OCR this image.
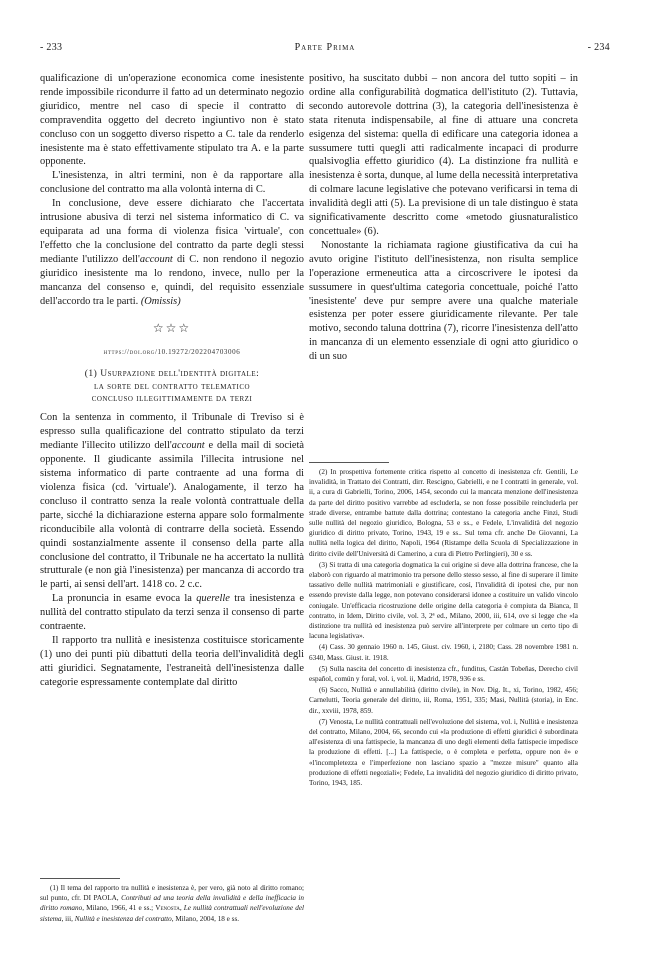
- 233	Parte Prima	- 234

qualificazione di un'operazione economica come inesistente rende impossibile ricondurre il fatto ad un determinato negozio giuridico, mentre nel caso di specie il contratto di compravendita oggetto del decreto ingiuntivo non è stato concluso con un soggetto diverso rispetto a C. tale da renderlo inesistente ma è stato effettivamente stipulato tra A. e la parte opponente.

L'inesistenza, in altri termini, non è da rapportare alla conclusione del contratto ma alla volontà interna di C.

In conclusione, deve essere dichiarato che l'accertata intrusione abusiva di terzi nel sistema informatico di C. va equiparata ad una forma di violenza fisica 'virtuale', con l'effetto che la conclusione del contratto da parte degli stessi mediante l'utilizzo dell'account di C. non rendono il negozio giuridico inesistente ma lo rendono, invece, nullo per la mancanza del consenso e, quindi, del requisito essenziale dell'accordo tra le parti. (Omissis)

☆☆☆
https://doi.org/10.19272/202204703006
(1) Usurpazione dell'identità digitale:
la sorte del contratto telematico
concluso illegittimamente da terzi

Con la sentenza in commento, il Tribunale di Treviso si è espresso sulla qualificazione del contratto stipulato da terzi mediante l'illecito utilizzo dell'account e della mail di società opponente. Il giudicante assimila l'illecita intrusione nel sistema informatico di parte contraente ad una forma di violenza fisica (cd. 'virtuale'). Analogamente, il terzo ha concluso il contratto senza la reale volontà contrattuale della parte, sicché la dichiarazione esterna appare solo formalmente riconducibile alla volontà di contrarre della società. Essendo quindi sostanzialmente assente il consenso della parte alla conclusione del contratto, il Tribunale ne ha accertato la nullità strutturale (e non già l'inesistenza) per mancanza di accordo tra le parti, ai sensi dell'art. 1418 co. 2 c.c.

La pronuncia in esame evoca la querelle tra inesistenza e nullità del contratto stipulato da terzi senza il consenso di parte contraente.

Il rapporto tra nullità e inesistenza costituisce storicamente (1) uno dei punti più dibattuti della teoria dell'invalidità degli atti giuridici. Segnatamente, l'estraneità dell'inesistenza dalle categorie espressamente contemplate dal diritto

positivo, ha suscitato dubbi – non ancora del tutto sopiti – in ordine alla configurabilità dogmatica dell'istituto (2). Tuttavia, secondo autorevole dottrina (3), la categoria dell'inesistenza è stata ritenuta indispensabile, al fine di attuare una concreta esigenza del sistema: quella di edificare una categoria idonea a sussumere tutti quegli atti radicalmente incapaci di produrre qualsivoglia effetto giuridico (4). La distinzione fra nullità e inesistenza è sorta, dunque, al lume della necessità interpretativa di colmare lacune legislative che potevano verificarsi in tema di invalidità degli atti (5). La previsione di un tale distinguo è stata significativamente descritto come «metodo giusnaturalistico concettuale» (6).

Nonostante la richiamata ragione giustificativa da cui ha avuto origine l'istituto dell'inesistenza, non risulta semplice l'operazione ermeneutica atta a circoscrivere le ipotesi da sussumere in quest'ultima categoria concettuale, poiché l'atto 'inesistente' deve pur sempre avere una qualche materiale esistenza per poter essere giuridicamente rilevante. Per tale motivo, secondo taluna dottrina (7), ricorre l'inesistenza dell'atto in mancanza di un elemento essenziale di ogni atto giuridico o di un suo

(2) In prospettiva fortemente critica rispetto al concetto di inesistenza cfr. Gentili, Le invalidità, in Trattato dei Contratti, dirr. Rescigno, Gabrielli, e ne I contratti in generale, vol. ii, a cura di Gabrielli, Torino, 2006, 1454, secondo cui la mancata menzione dell'inesistenza da parte del diritto positivo varrebbe ad escluderla, se non fosse possibile reincluderla per strade diverse, entrambe battute dalla dottrina; contestano la categoria anche Finzi, Studi sulle nullità del negozio giuridico, Bologna, 53 e ss., e Fedele, L'invalidità del negozio giuridico di diritto privato, Torino, 1943, 19 e ss.. Sul tema cfr. anche De Giovanni, La nullità nella logica del diritto, Napoli, 1964 (Ristampe della Scuola di Specializzazione in diritto civile dell'Università di Camerino, a cura di Pietro Perlingieri), 30 e ss.

(3) Si tratta di una categoria dogmatica la cui origine si deve alla dottrina francese, che la elaborò con riguardo al matrimonio tra persone dello stesso sesso, al fine di superare il limite tassativo delle nullità matrimoniali e giustificare, così, l'invalidità di ipotesi che, pur non essendo previste dalla legge, non potevano considerarsi idonee a costituire un valido vincolo coniugale. Un'efficacia ricostruzione delle origine della categoria è compiuta da Bianca, Il contratto, in Idem, Diritto civile, vol. 3, 2ª ed., Milano, 2000, iii, 614, ove si legge che «la distinzione tra nullità ed inesistenza può servire all'interprete per colmare un certo tipo di lacuna legislativa».

(4) Cass. 30 gennaio 1960 n. 145, Giust. civ. 1960, i, 2180; Cass. 28 novembre 1981 n. 6340, Mass. Giust. it. 1918.

(5) Sulla nascita del concetto di inesistenza cfr., funditus, Castán Tobeñas, Derecho civil español, común y foral, vol. i, vol. ii, Madrid, 1978, 936 e ss.

(6) Sacco, Nullità e annullabilità (diritto civile), in Nov. Dig. It., xi, Torino, 1982, 456; Carnelutti, Teoria generale del diritto, iii, Roma, 1951, 335; Masi, Nullità (storia), in Enc. dir., xxviii, 1978, 859.

(7) Venosta, Le nullità contrattuali nell'evoluzione del sistema, vol. i, Nullità e inesistenza del contratto, Milano, 2004, 66, secondo cui «la produzione di effetti giuridici è subordinata all'esistenza di una fattispecie, la mancanza di uno degli elementi della fattispecie impedisce la produzione di effetti. [...] La fattispecie, o è completa e perfetta, oppure non è» e «l'incompletezza e l'imperfezione non lasciano spazio a "mezze misure" quanto alla produzione di effetti negoziali»; Fedele, La invalidità del negozio giuridico di diritto privato, Torino, 1943, 185.

(1) Il tema del rapporto tra nullità e inesistenza è, per vero, già noto al diritto romano; sul punto, cfr. DI PAOLA, Contributi ad una teoria della invalidità e della inefficacia in diritto romano, Milano, 1966, 41 e ss.; Venosta, Le nullità contrattuali nell'evoluzione del sistema, iii, Nullità e inesistenza del contratto, Milano, 2004, 18 e ss.
